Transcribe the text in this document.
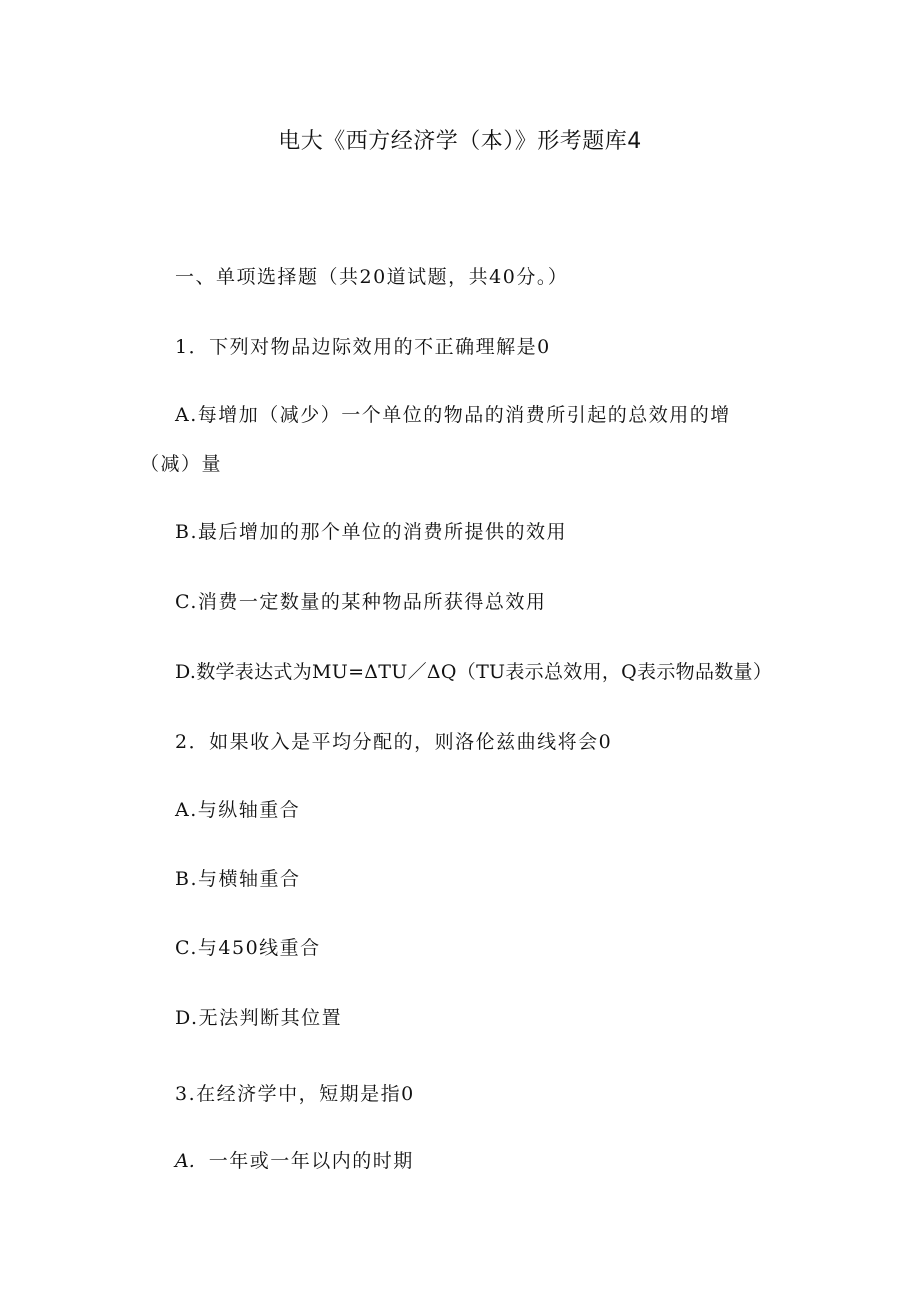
电大《西方经济学（本）》形考题库4
一、单项选择题（共20道试题，共40分。）
1．下列对物品边际效用的不正确理解是0
A.每增加（减少）一个单位的物品的消费所引起的总效用的增
（减）量
B.最后增加的那个单位的消费所提供的效用
C.消费一定数量的某种物品所获得总效用
D.数学表达式为MU=ΔTU／ΔQ（TU表示总效用，Q表示物品数量）
2．如果收入是平均分配的，则洛伦兹曲线将会0
A.与纵轴重合
B.与横轴重合
C.与450线重合
D.无法判断其位置
3.在经济学中，短期是指0
A. 一年或一年以内的时期
